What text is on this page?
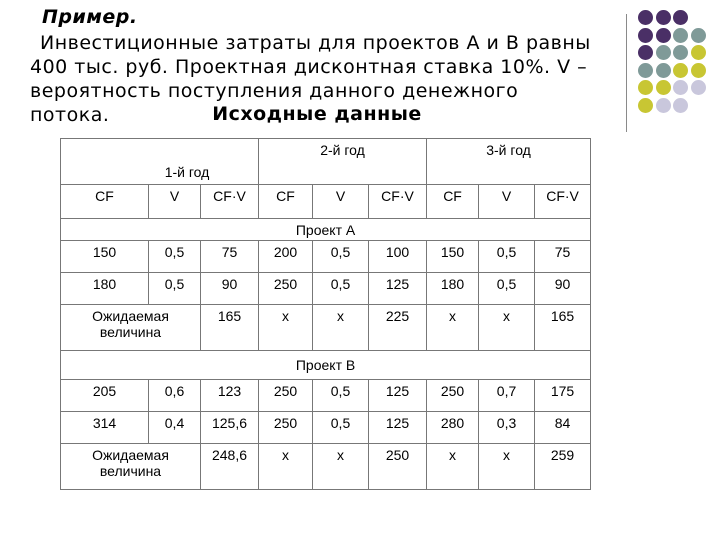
Пример.
Инвестиционные затраты для проектов А и В равны
400 тыс. руб. Проектная дисконтная ставка 10%. V –
вероятность поступления данного денежного потока.	Исходные данные
1-й год			2-й год			3-й год		

CF	V	CF·V	CF	V	CF·V	CF	V	CF·V
Проект А								
150	0,5	75	200	0,5	100	150	0,5	75
180	0,5	90	250	0,5	125	180	0,5	90
Ожидаемая величина		165	х	х	225	х	х	165
Проект В								
205	0,6	123	250	0,5	125	250	0,7	175
314	0,4	125,6	250	0,5	125	280	0,3	84
Ожидаемая величина		248,6	х	х	250	х	х	259
